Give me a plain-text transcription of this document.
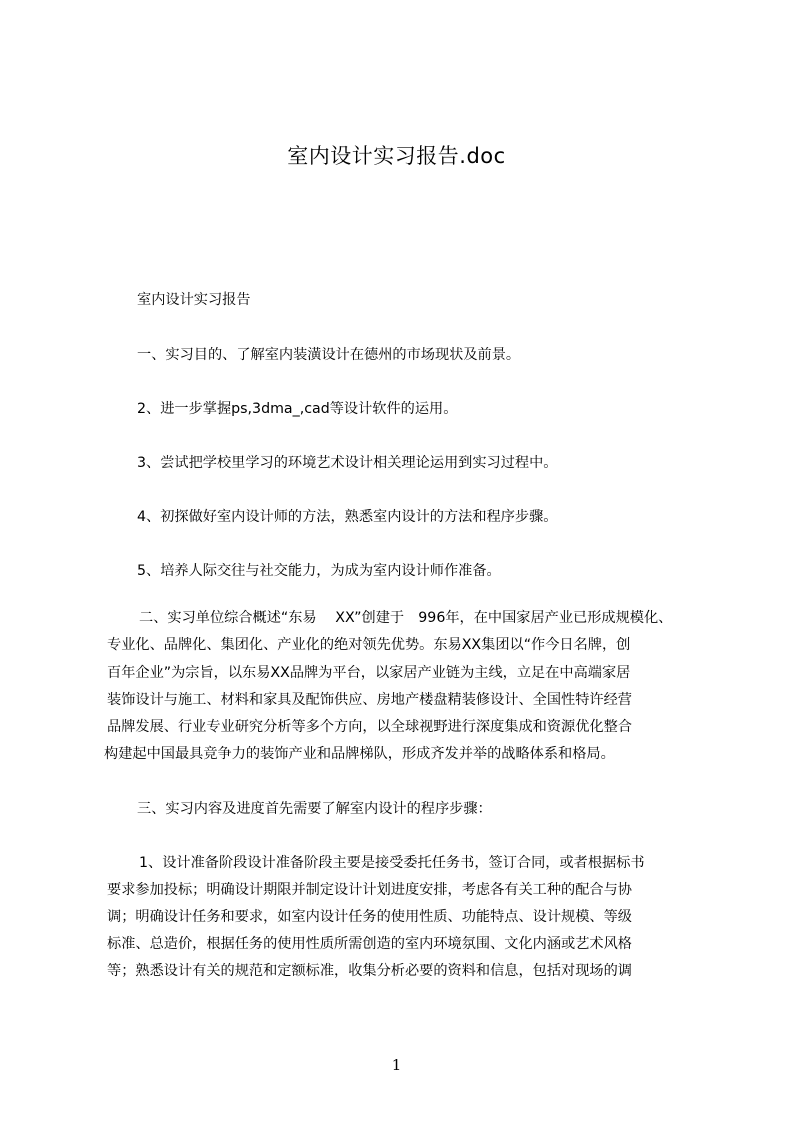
室内设计实习报告.doc
室内设计实习报告
一、实习目的、了解室内装潢设计在德州的市场现状及前景。
2、进一步掌握ps,3dma_,cad等设计软件的运用。
3、尝试把学校里学习的环境艺术设计相关理论运用到实习过程中。
4、初探做好室内设计师的方法，熟悉室内设计的方法和程序步骤。
5、培养人际交往与社交能力，为成为室内设计师作准备。
二、实习单位综合概述“东易　 XX”创建于　996年，在中国家居产业已形成规模化、
专业化、品牌化、集团化、产业化的绝对领先优势。东易XX集团以“作今日名牌，创
百年企业”为宗旨，以东易XX品牌为平台，以家居产业链为主线，立足在中高端家居
装饰设计与施工、材料和家具及配饰供应、房地产楼盘精装修设计、全国性特许经营
品牌发展、行业专业研究分析等多个方向，以全球视野进行深度集成和资源优化整合
构建起中国最具竞争力的装饰产业和品牌梯队，形成齐发并举的战略体系和格局。
三、实习内容及进度首先需要了解室内设计的程序步骤：
1、设计准备阶段设计准备阶段主要是接受委托任务书，签订合同，或者根据标书
要求参加投标；明确设计期限并制定设计计划进度安排，考虑各有关工种的配合与协
调；明确设计任务和要求，如室内设计任务的使用性质、功能特点、设计规模、等级
标准、总造价，根据任务的使用性质所需创造的室内环境氛围、文化内涵或艺术风格
等；熟悉设计有关的规范和定额标准，收集分析必要的资料和信息，包括对现场的调
1
